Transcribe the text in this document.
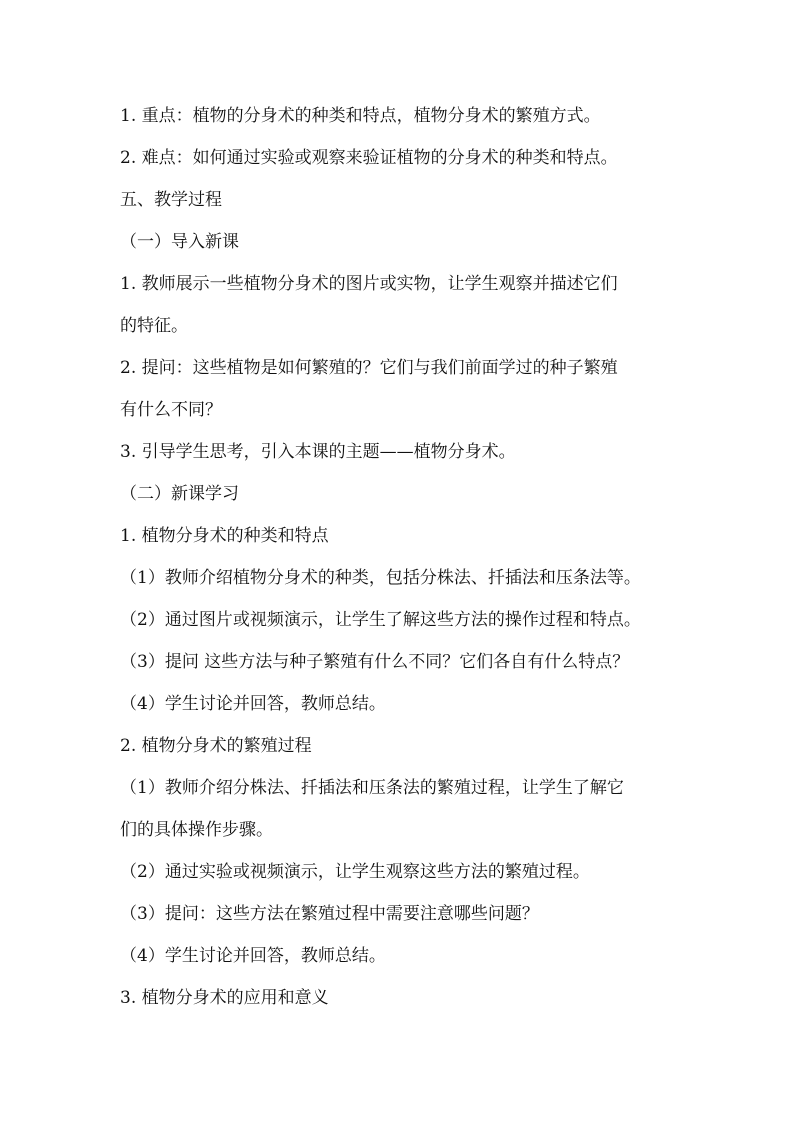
1. 重点：植物的分身术的种类和特点，植物分身术的繁殖方式。
2. 难点：如何通过实验或观察来验证植物的分身术的种类和特点。
五、教学过程
（一）导入新课
1. 教师展示一些植物分身术的图片或实物，让学生观察并描述它们
的特征。
2. 提问：这些植物是如何繁殖的？它们与我们前面学过的种子繁殖
有什么不同？
3. 引导学生思考，引入本课的主题——植物分身术。
（二）新课学习
1. 植物分身术的种类和特点
（1）教师介绍植物分身术的种类，包括分株法、扦插法和压条法等。
（2）通过图片或视频演示，让学生了解这些方法的操作过程和特点。
（3）提问 这些方法与种子繁殖有什么不同？它们各自有什么特点？
（4）学生讨论并回答，教师总结。
2. 植物分身术的繁殖过程
（1）教师介绍分株法、扦插法和压条法的繁殖过程，让学生了解它
们的具体操作步骤。
（2）通过实验或视频演示，让学生观察这些方法的繁殖过程。
（3）提问：这些方法在繁殖过程中需要注意哪些问题？
（4）学生讨论并回答，教师总结。
3. 植物分身术的应用和意义
